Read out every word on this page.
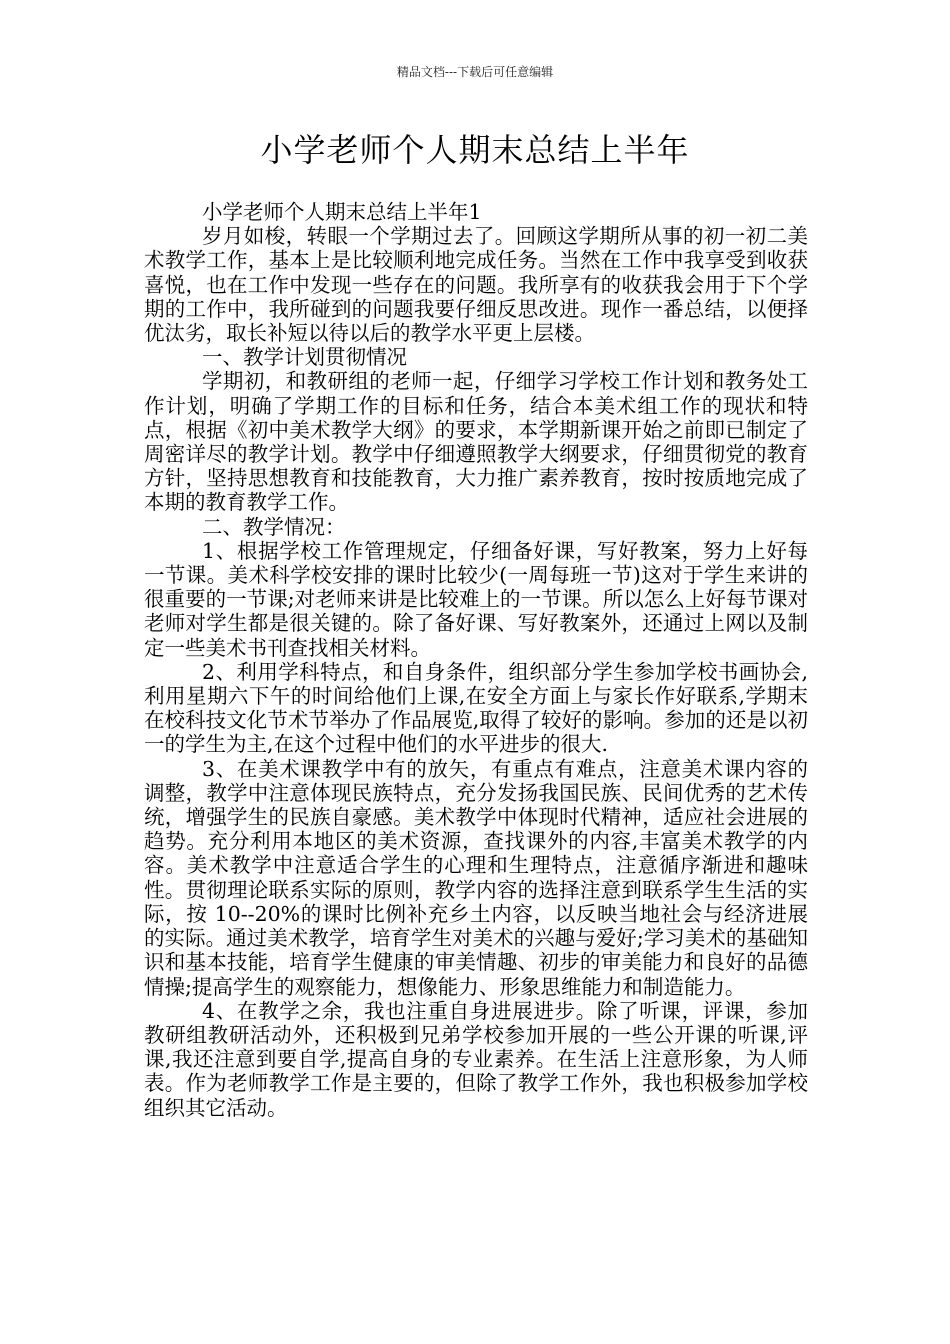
精品文档---下载后可任意编辑
小学老师个人期末总结上半年

小学老师个人期末总结上半年1

岁月如梭，转眼一个学期过去了。回顾这学期所从事的初一初二美术教学工作，基本上是比较顺利地完成任务。当然在工作中我享受到收获喜悦，也在工作中发现一些存在的问题。我所享有的收获我会用于下个学期的工作中，我所碰到的问题我要仔细反思改进。现作一番总结，以便择优汰劣，取长补短以待以后的教学水平更上层楼。

一、教学计划贯彻情况

学期初，和教研组的老师一起，仔细学习学校工作计划和教务处工作计划，明确了学期工作的目标和任务，结合本美术组工作的现状和特点，根据《初中美术教学大纲》的要求，本学期新课开始之前即已制定了周密详尽的教学计划。教学中仔细遵照教学大纲要求，仔细贯彻党的教育方针，坚持思想教育和技能教育，大力推广素养教育，按时按质地完成了本期的教育教学工作。

二、教学情况：

1、根据学校工作管理规定，仔细备好课，写好教案，努力上好每一节课。美术科学校安排的课时比较少(一周每班一节)这对于学生来讲的很重要的一节课;对老师来讲是比较难上的一节课。所以怎么上好每节课对老师对学生都是很关键的。除了备好课、写好教案外，还通过上网以及制定一些美术书刊查找相关材料。

2、利用学科特点，和自身条件，组织部分学生参加学校书画协会,利用星期六下午的时间给他们上课,在安全方面上与家长作好联系,学期末在校科技文化节术节举办了作品展览,取得了较好的影响。参加的还是以初一的学生为主,在这个过程中他们的水平进步的很大.

3、在美术课教学中有的放矢，有重点有难点，注意美术课内容的调整，教学中注意体现民族特点，充分发扬我国民族、民间优秀的艺术传统，增强学生的民族自豪感。美术教学中体现时代精神，适应社会进展的趋势。充分利用本地区的美术资源，查找课外的内容,丰富美术教学的内容。美术教学中注意适合学生的心理和生理特点，注意循序渐进和趣味性。贯彻理论联系实际的原则，教学内容的选择注意到联系学生生活的实际，按 10--20%的课时比例补充乡土内容，以反映当地社会与经济进展的实际。通过美术教学，培育学生对美术的兴趣与爱好;学习美术的基础知识和基本技能，培育学生健康的审美情趣、初步的审美能力和良好的品德情操;提高学生的观察能力，想像能力、形象思维能力和制造能力。

4、在教学之余，我也注重自身进展进步。除了听课，评课，参加教研组教研活动外，还积极到兄弟学校参加开展的一些公开课的听课,评课,我还注意到要自学,提高自身的专业素养。在生活上注意形象，为人师表。作为老师教学工作是主要的，但除了教学工作外，我也积极参加学校组织其它活动。
